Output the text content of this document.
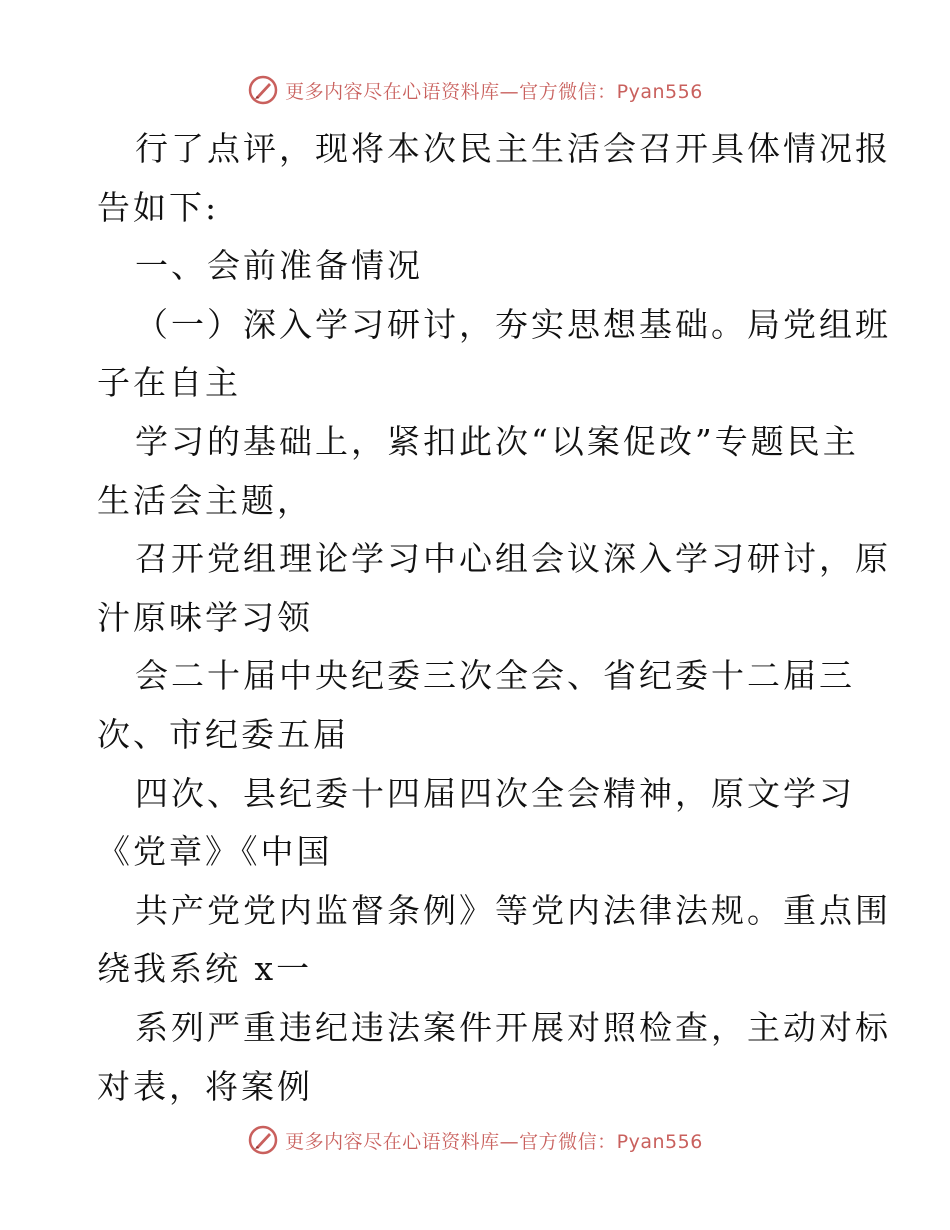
更多内容尽在心语资料库—官方微信：Pyan556
行了点评，现将本次民主生活会召开具体情况报
告如下:
一、会前准备情况
（一）深入学习研讨，夯实思想基础。局党组班
子在自主
学习的基础上，紧扣此次“以案促改”专题民主
生活会主题，
召开党组理论学习中心组会议深入学习研讨，原
汁原味学习领
会二十届中央纪委三次全会、省纪委十二届三
次、市纪委五届
四次、县纪委十四届四次全会精神，原文学习
《党章》《中国
共产党党内监督条例》等党内法律法规。重点围
绕我系统 x一
系列严重违纪违法案件开展对照检查，主动对标
对表，将案例
更多内容尽在心语资料库—官方微信：Pyan556
